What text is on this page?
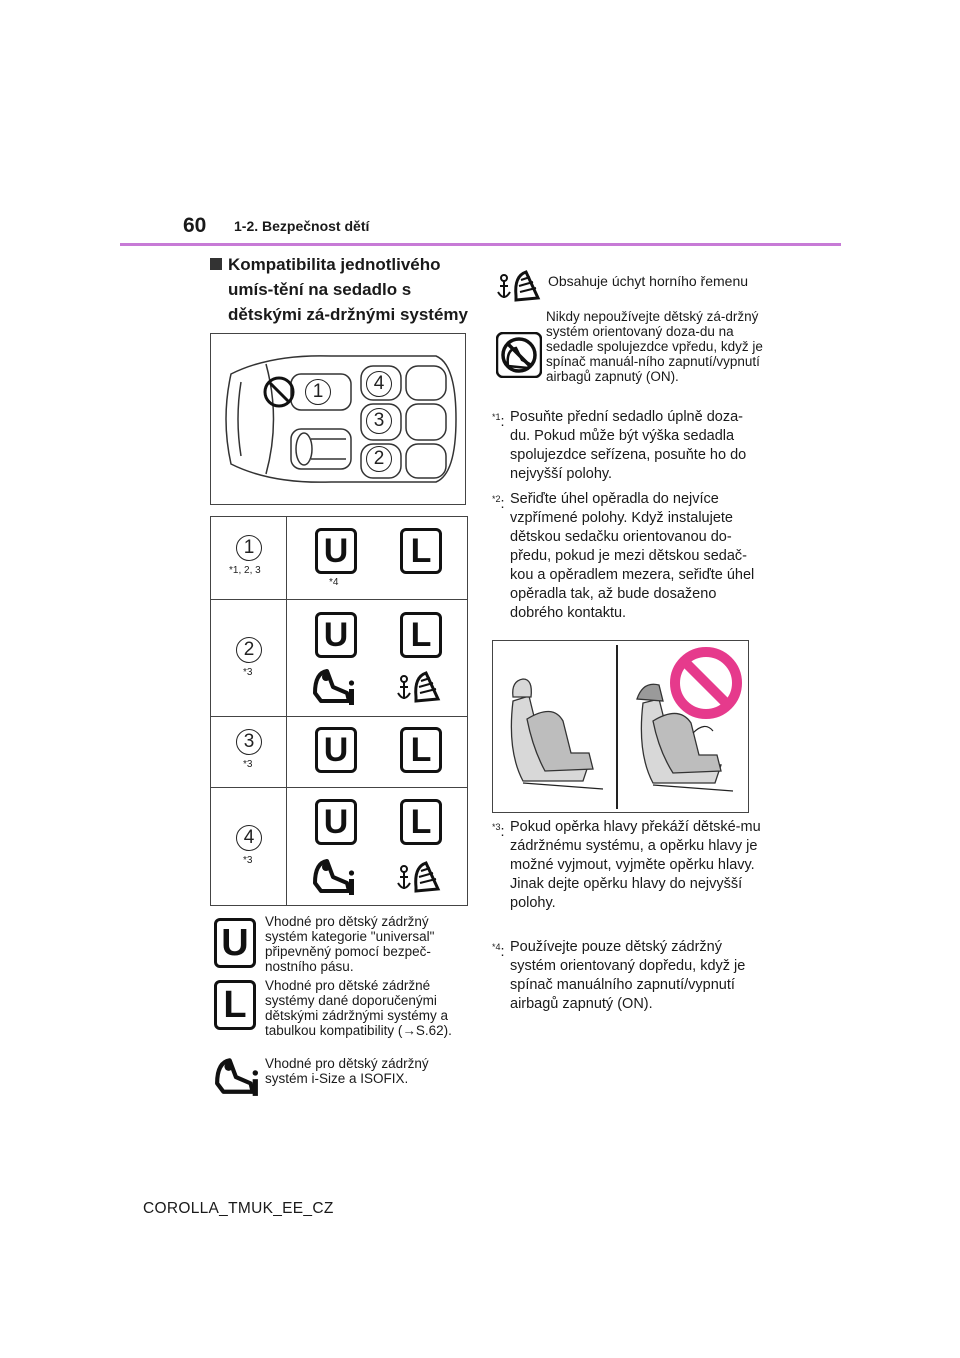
60 1-2. Bezpečnost dětí
Kompatibilita jednotlivého umís-tění na sedadlo s dětskými zá-držnými systémy
1	4
3
2
1
*1, 2, 3
U	L
*4
2
*3
U	L
3
*3 U	L
4
*3
U	L
U
Vhodné pro dětský zádržný systém kategorie "universal" připevněný pomocí bezpeč-nostního pásu.
L	Vhodné pro dětské zádržné systémy dané doporučenými dětskými zádržnými systémy a tabulkou kompatibility (→S.62).
Vhodné pro dětský zádržný systém i-Size a ISOFIX.
Obsahuje úchyt horního řemenu
Nikdy nepoužívejte dětský zá-držný systém orientovaný doza-du na sedadle spolujezdce vpředu, když je spínač manuál-ního zapnutí/vypnutí airbagů zapnutý (ON).
$^{*1}$: Posuňte přední sedadlo úplně doza-du. Pokud může být výška sedadla spolujezdce seřízena, posuňte ho do nejvyšší polohy.
$^{*2}$: Seřiďte úhel opěradla do nejvíce vzpřímené polohy. Když instalujete dětskou sedačku orientovanou do-předu, pokud je mezi dětskou sedač-kou a opěradlem mezera, seřiďte úhel opěradla tak, až bude dosaženo dobrého kontaktu.
$^{*3}$: Pokud opěrka hlavy překáží dětské-mu zádržnému systému, a opěrku hlavy je možné vyjmout, vyjměte opěrku hlavy. Jinak dejte opěrku hlavy do nejvyšší polohy.
$^{*4}$: Používejte pouze dětský zádržný systém orientovaný dopředu, když je spínač manuálního zapnutí/vypnutí airbagů zapnutý (ON).
COROLLA_TMUK_EE_CZ
